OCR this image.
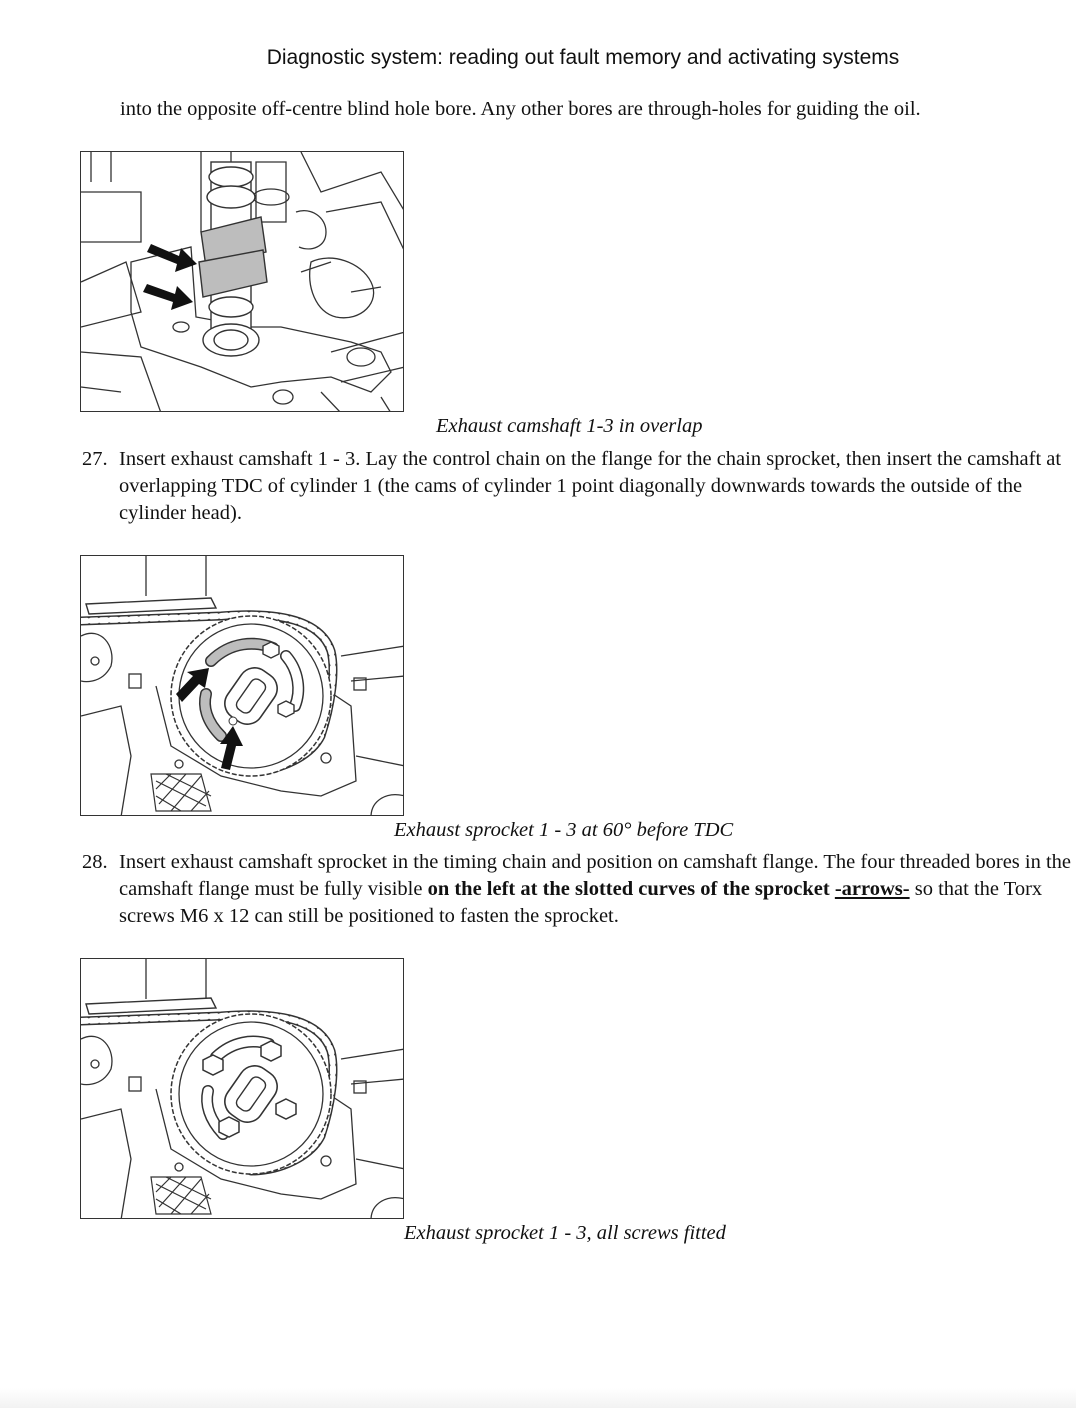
Diagnostic system: reading out fault memory and activating systems
into the opposite off-centre blind hole bore. Any other bores are through-holes for guiding the oil.
Exhaust camshaft 1-3 in overlap
27. Insert exhaust camshaft 1 - 3. Lay the control chain on the flange for the chain sprocket, then insert the camshaft at overlapping TDC of cylinder 1 (the cams of cylinder 1 point diagonally downwards towards the outside of the cylinder head).
Exhaust sprocket 1 - 3 at 60° before TDC
28. Insert exhaust camshaft sprocket in the timing chain and position on camshaft flange. The four threaded bores in the camshaft flange must be fully visible on the left at the slotted curves of the sprocket -arrows- so that the Torx screws M6 x 12 can still be positioned to fasten the sprocket.
Exhaust sprocket 1 - 3, all screws fitted
